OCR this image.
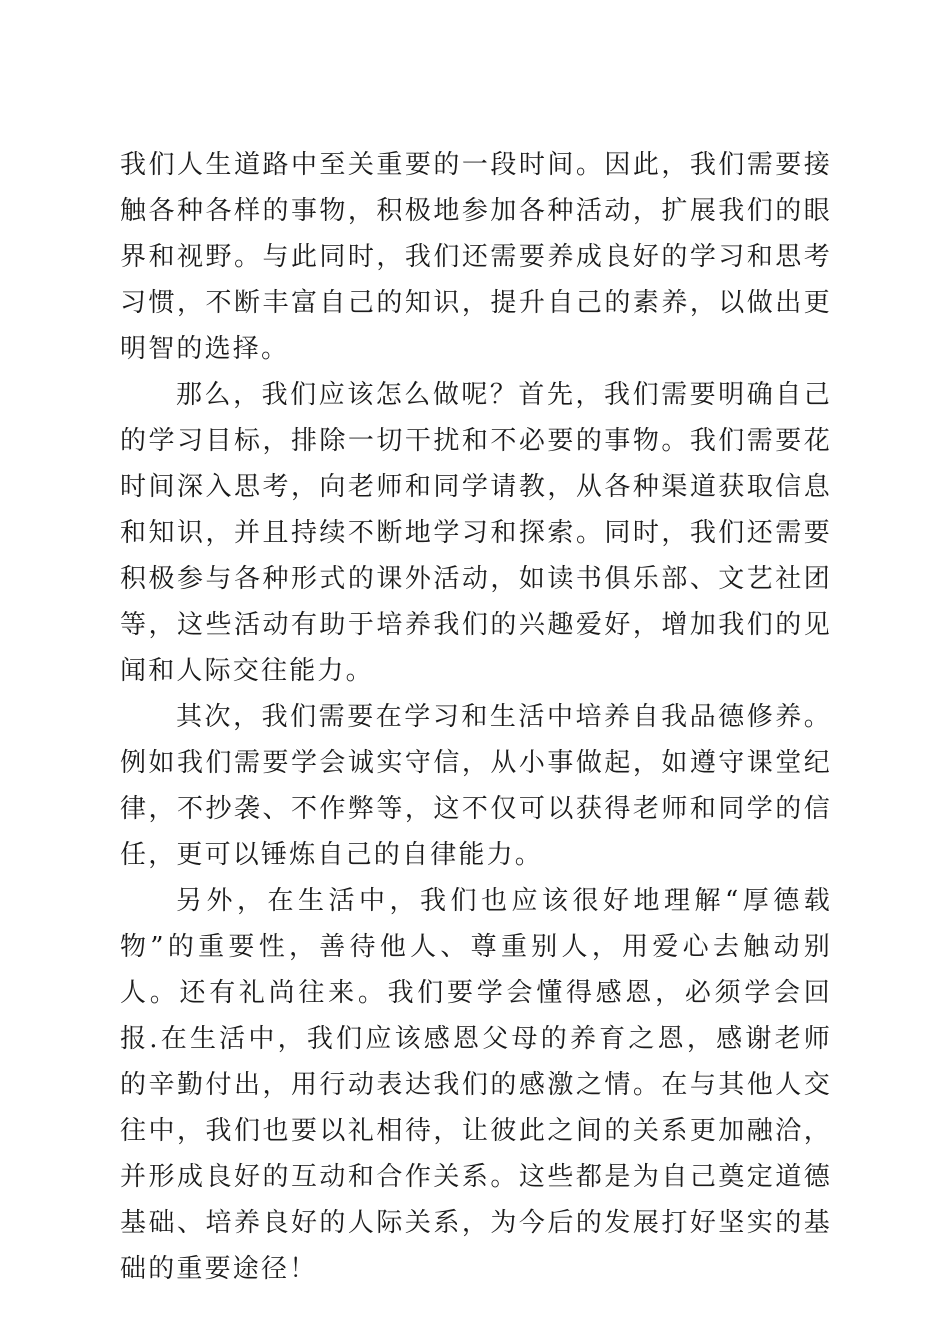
我们人生道路中至关重要的一段时间。因此，我们需要接触各种各样的事物，积极地参加各种活动，扩展我们的眼界和视野。与此同时，我们还需要养成良好的学习和思考习惯，不断丰富自己的知识，提升自己的素养，以做出更明智的选择。

那么，我们应该怎么做呢？首先，我们需要明确自己的学习目标，排除一切干扰和不必要的事物。我们需要花时间深入思考，向老师和同学请教，从各种渠道获取信息和知识，并且持续不断地学习和探索。同时，我们还需要积极参与各种形式的课外活动，如读书俱乐部、文艺社团等，这些活动有助于培养我们的兴趣爱好，增加我们的见闻和人际交往能力。

其次，我们需要在学习和生活中培养自我品德修养。例如我们需要学会诚实守信，从小事做起，如遵守课堂纪律，不抄袭、不作弊等，这不仅可以获得老师和同学的信任，更可以锤炼自己的自律能力。

另外，在生活中，我们也应该很好地理解“厚德载物”的重要性，善待他人、尊重别人，用爱心去触动别人。还有礼尚往来。我们要学会懂得感恩，必须学会回报.在生活中，我们应该感恩父母的养育之恩，感谢老师的辛勤付出，用行动表达我们的感激之情。在与其他人交往中，我们也要以礼相待，让彼此之间的关系更加融洽，并形成良好的互动和合作关系。这些都是为自己奠定道德基础、培养良好的人际关系，为今后的发展打好坚实的基础的重要途径！
